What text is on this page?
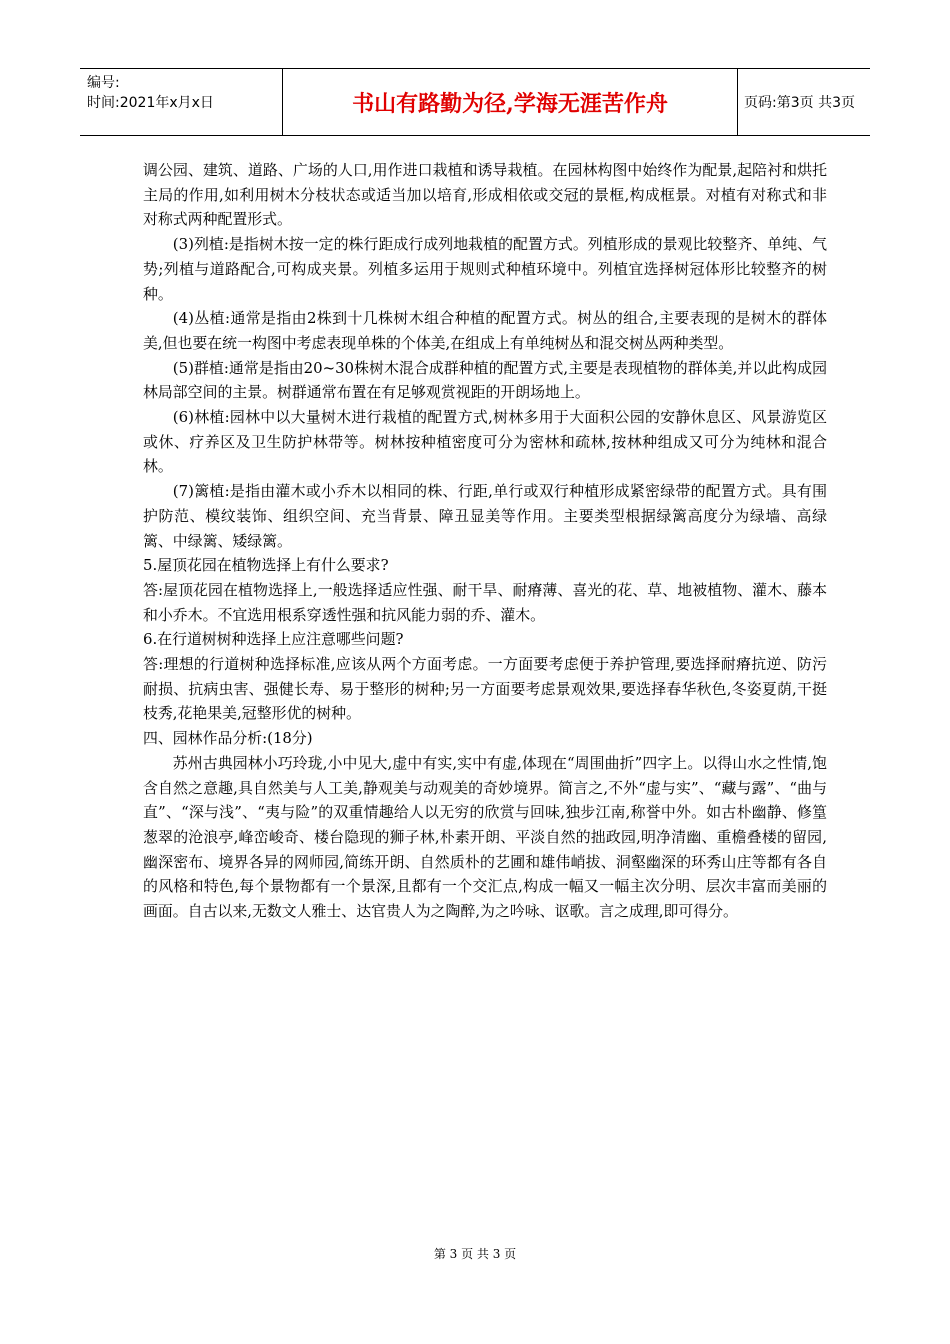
编号:
时间:2021年x月x日	书山有路勤为径,学海无涯苦作舟	页码:第3页 共3页

调公园、建筑、道路、广场的人口,用作进口栽植和诱导栽植。在园林构图中始终作为配景,起陪衬和烘托主局的作用,如利用树木分枝状态或适当加以培育,形成相依或交冠的景框,构成框景。对植有对称式和非对称式两种配置形式。

(3)列植:是指树木按一定的株行距成行成列地栽植的配置方式。列植形成的景观比较整齐、单纯、气势;列植与道路配合,可构成夹景。列植多运用于规则式种植环境中。列植宜选择树冠体形比较整齐的树种。

(4)丛植:通常是指由2株到十几株树木组合种植的配置方式。树丛的组合,主要表现的是树木的群体美,但也要在统一构图中考虑表现单株的个体美,在组成上有单纯树丛和混交树丛两种类型。

(5)群植:通常是指由20~30株树木混合成群种植的配置方式,主要是表现植物的群体美,并以此构成园林局部空间的主景。树群通常布置在有足够观赏视距的开朗场地上。

(6)林植:园林中以大量树木进行栽植的配置方式,树林多用于大面积公园的安静休息区、风景游览区或休、疗养区及卫生防护林带等。树林按种植密度可分为密林和疏林,按林种组成又可分为纯林和混合林。

(7)篱植:是指由灌木或小乔木以相同的株、行距,单行或双行种植形成紧密绿带的配置方式。具有围护防范、模纹装饰、组织空间、充当背景、障丑显美等作用。主要类型根据绿篱高度分为绿墙、高绿篱、中绿篱、矮绿篱。

5.屋顶花园在植物选择上有什么要求?

答:屋顶花园在植物选择上,一般选择适应性强、耐干旱、耐瘠薄、喜光的花、草、地被植物、灌木、藤本和小乔木。不宜选用根系穿透性强和抗风能力弱的乔、灌木。

6.在行道树树种选择上应注意哪些问题?

答:理想的行道树种选择标准,应该从两个方面考虑。一方面要考虑便于养护管理,要选择耐瘠抗逆、防污耐损、抗病虫害、强健长寿、易于整形的树种;另一方面要考虑景观效果,要选择春华秋色,冬姿夏荫,干挺枝秀,花艳果美,冠整形优的树种。

四、园林作品分析:(18分)

苏州古典园林小巧玲珑,小中见大,虚中有实,实中有虚,体现在“周围曲折”四字上。以得山水之性情,饱含自然之意趣,具自然美与人工美,静观美与动观美的奇妙境界。简言之,不外“虚与实”、“藏与露”、“曲与直”、“深与浅”、“夷与险”的双重情趣给人以无穷的欣赏与回味,独步江南,称誉中外。如古朴幽静、修篁葱翠的沧浪亭,峰峦峻奇、楼台隐现的狮子林,朴素开朗、平淡自然的拙政园,明净清幽、重檐叠楼的留园,幽深密布、境界各异的网师园,简练开朗、自然质朴的艺圃和雄伟峭拔、洞壑幽深的环秀山庄等都有各自的风格和特色,每个景物都有一个景深,且都有一个交汇点,构成一幅又一幅主次分明、层次丰富而美丽的画面。自古以来,无数文人雅士、达官贵人为之陶醉,为之吟咏、讴歌。言之成理,即可得分。

第 3 页 共 3 页
